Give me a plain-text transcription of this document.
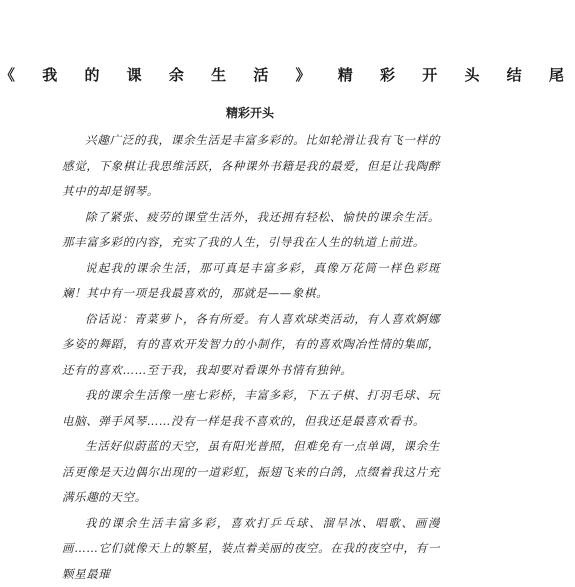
《 我 的 课 余 生 活 》 精 彩 开 头 结 尾
精彩开头

兴趣广泛的我，课余生活是丰富多彩的。比如轮滑让我有飞一样的感觉，下象棋让我思维活跃，各种课外书籍是我的最爱，但是让我陶醉其中的却是钢琴。

除了紧张、疲劳的课堂生活外，我还拥有轻松、愉快的课余生活。那丰富多彩的内容，充实了我的人生，引导我在人生的轨道上前进。

说起我的课余生活，那可真是丰富多彩，真像万花筒一样色彩斑斓！其中有一项是我最喜欢的，那就是——象棋。

俗话说：青菜萝卜，各有所爱。有人喜欢球类活动，有人喜欢婀娜多姿的舞蹈，有的喜欢开发智力的小制作，有的喜欢陶冶性情的集邮，还有的喜欢……至于我，我却要对看课外书情有独钟。

我的课余生活像一座七彩桥，丰富多彩，下五子棋、打羽毛球、玩电脑、弹手风琴……没有一样是我不喜欢的，但我还是最喜欢看书。

生活好似蔚蓝的天空，虽有阳光普照，但难免有一点单调，课余生活更像是天边偶尔出现的一道彩虹，振翅飞来的白鸽，点缀着我这片充满乐趣的天空。

我的课余生活丰富多彩，喜欢打乒乓球、溜旱冰、唱歌、画漫画……它们就像天上的繁星，装点着美丽的夜空。在我的夜空中，有一颗星最璀
